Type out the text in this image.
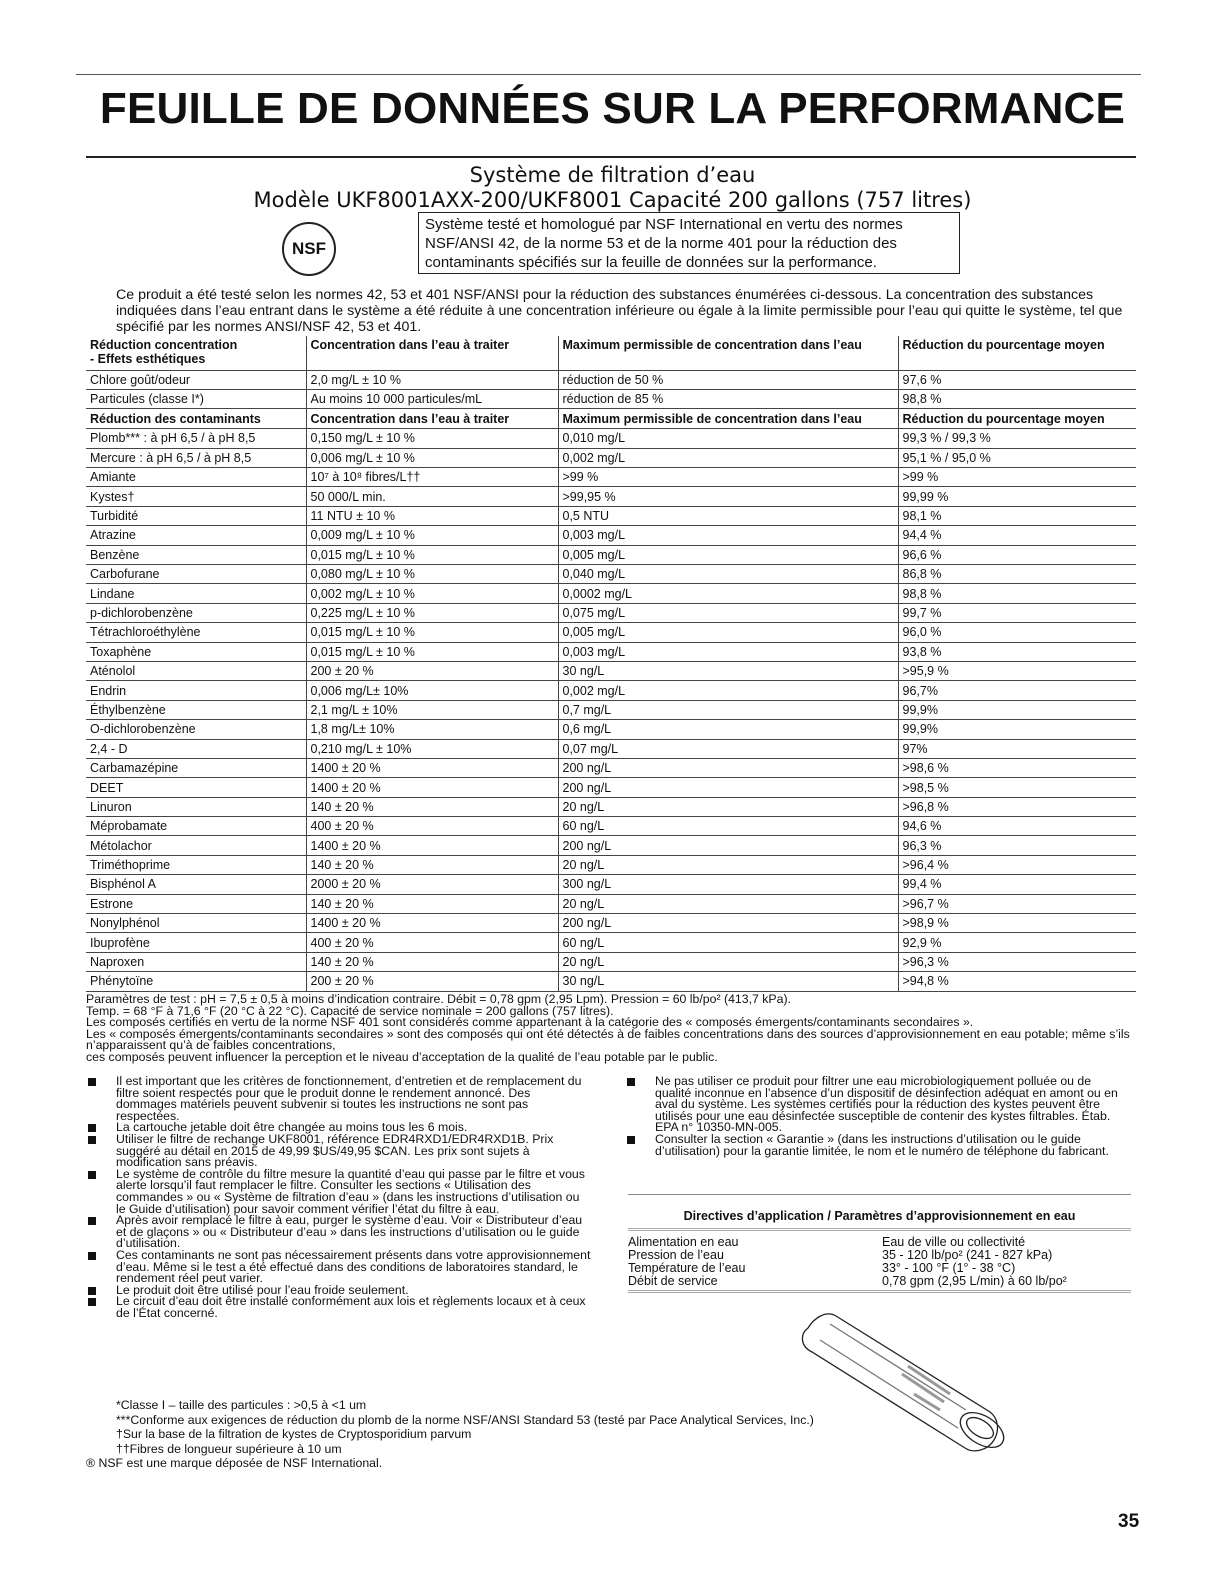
FEUILLE DE DONNÉES SUR LA PERFORMANCE
Système de filtration d’eau
Modèle UKF8001AXX-200/UKF8001 Capacité 200 gallons (757 litres)
NSF
Système testé et homologué par NSF International en vertu des normes NSF/ANSI 42, de la norme 53 et de la norme 401 pour la réduction des contaminants spécifiés sur la feuille de données sur la performance.

Ce produit a été testé selon les normes 42, 53 et 401 NSF/ANSI pour la réduction des substances énumérées ci-dessous. La concentration des substances indiquées dans l’eau entrant dans le système a été réduite à une concentration inférieure ou égale à la limite permissible pour l’eau qui quitte le système, tel que spécifié par les normes ANSI/NSF 42, 53 et 401.

Réduction concentration
- Effets esthétiques	Concentration dans l’eau à traiter	Maximum permissible de concentration dans l’eau	Réduction du pourcentage moyen
Chlore goût/odeur	2,0 mg/L ± 10 %	réduction de 50 %	97,6 %
Particules (classe I*)	Au moins 10 000 particules/mL	réduction de 85 %	98,8 %
Réduction des contaminants	Concentration dans l’eau à traiter	Maximum permissible de concentration dans l’eau	Réduction du pourcentage moyen
Plomb*** : à pH 6,5 / à pH 8,5	0,150 mg/L ± 10 %	0,010 mg/L	99,3 % / 99,3 %
Mercure : à pH 6,5 / à pH 8,5	0,006 mg/L ± 10 %	0,002 mg/L	95,1 % / 95,0 %
Amiante	10⁷ à 10⁸ fibres/L††	>99 %	>99 %
Kystes†	50 000/L min.	>99,95 %	99,99 %
Turbidité	11 NTU ± 10 %	0,5 NTU	98,1 %
Atrazine	0,009 mg/L ± 10 %	0,003 mg/L	94,4 %
Benzène	0,015 mg/L ± 10 %	0,005 mg/L	96,6 %
Carbofurane	0,080 mg/L ± 10 %	0,040 mg/L	86,8 %
Lindane	0,002 mg/L ± 10 %	0,0002 mg/L	98,8 %
p-dichlorobenzène	0,225 mg/L ± 10 %	0,075 mg/L	99,7 %
Tétrachloroéthylène	0,015 mg/L ± 10 %	0,005 mg/L	96,0 %
Toxaphène	0,015 mg/L ± 10 %	0,003 mg/L	93,8 %
Aténolol	200 ± 20 %	30 ng/L	>95,9 %
Endrin	0,006 mg/L± 10%	0,002 mg/L	96,7%
Éthylbenzène	2,1 mg/L ± 10%	0,7 mg/L	99,9%
O-dichlorobenzène	1,8 mg/L± 10%	0,6 mg/L	99,9%
2,4 - D	0,210 mg/L ± 10%	0,07 mg/L	97%
Carbamazépine	1400 ± 20 %	200 ng/L	>98,6 %
DEET	1400 ± 20 %	200 ng/L	>98,5 %
Linuron	140 ± 20 %	20 ng/L	>96,8 %
Méprobamate	400 ± 20 %	60 ng/L	94,6 %
Métolachor	1400 ± 20 %	200 ng/L	96,3 %
Triméthoprime	140 ± 20 %	20 ng/L	>96,4 %
Bisphénol A	2000 ± 20 %	300 ng/L	99,4 %
Estrone	140 ± 20 %	20 ng/L	>96,7 %
Nonylphénol	1400 ± 20 %	200 ng/L	>98,9 %
Ibuprofène	400 ± 20 %	60 ng/L	92,9 %
Naproxen	140 ± 20 %	20 ng/L	>96,3 %
Phénytoïne	200 ± 20 %	30 ng/L	>94,8 %
Paramètres de test : pH = 7,5 ± 0,5 à moins d’indication contraire. Débit = 0,78 gpm (2,95 Lpm). Pression = 60 lb/po² (413,7 kPa).
Temp. = 68 °F à 71,6 °F (20 °C à 22 °C). Capacité de service nominale = 200 gallons (757 litres).
Les composés certifiés en vertu de la norme NSF 401 sont considérés comme appartenant à la catégorie des « composés émergents/contaminants secondaires ».
Les « composés émergents/contaminants secondaires » sont des composés qui ont été détectés à de faibles concentrations dans des sources d’approvisionnement en eau potable; même s’ils n’apparaissent qu’à de faibles concentrations,
ces composés peuvent influencer la perception et le niveau d’acceptation de la qualité de l’eau potable par le public.
Il est important que les critères de fonctionnement, d’entretien et de remplacement du filtre soient respectés pour que le produit donne le rendement annoncé. Des dommages matériels peuvent subvenir si toutes les instructions ne sont pas respectées.
La cartouche jetable doit être changée au moins tous les 6 mois.
Utiliser le filtre de rechange UKF8001, référence EDR4RXD1/EDR4RXD1B. Prix suggéré au détail en 2015 de 49,99 $US/49,95 $CAN. Les prix sont sujets à modification sans préavis.
Le système de contrôle du filtre mesure la quantité d’eau qui passe par le filtre et vous alerte lorsqu’il faut remplacer le filtre. Consulter les sections « Utilisation des commandes » ou « Système de filtration d’eau » (dans les instructions d’utilisation ou le Guide d’utilisation) pour savoir comment vérifier l’état du filtre à eau.
Après avoir remplacé le filtre à eau, purger le système d’eau. Voir « Distributeur d’eau et de glaçons » ou « Distributeur d’eau » dans les instructions d’utilisation ou le guide d’utilisation.
Ces contaminants ne sont pas nécessairement présents dans votre approvisionnement d’eau. Même si le test a été effectué dans des conditions de laboratoires standard, le rendement réel peut varier.
Le produit doit être utilisé pour l’eau froide seulement.
Le circuit d’eau doit être installé conformément aux lois et règlements locaux et à ceux de l’État concerné.
Ne pas utiliser ce produit pour filtrer une eau microbiologiquement polluée ou de qualité inconnue en l’absence d’un dispositif de désinfection adéquat en amont ou en aval du système. Les systèmes certifiés pour la réduction des kystes peuvent être utilisés pour une eau désinfectée susceptible de contenir des kystes filtrables. Étab. EPA n° 10350-MN-005.
Consulter la section « Garantie » (dans les instructions d’utilisation ou le guide d’utilisation) pour la garantie limitée, le nom et le numéro de téléphone du fabricant.
Directives d’application / Paramètres d’approvisionnement en eau
Alimentation en eau	Eau de ville ou collectivité
Pression de l’eau	35 - 120 lb/po² (241 - 827 kPa)
Température de l’eau	33° - 100 °F (1° - 38 °C)
Débit de service	0,78 gpm (2,95 L/min) à 60 lb/po²
*Classe I – taille des particules : >0,5 à <1 um
***Conforme aux exigences de réduction du plomb de la norme NSF/ANSI Standard 53 (testé par Pace Analytical Services, Inc.)
†Sur la base de la filtration de kystes de Cryptosporidium parvum
††Fibres de longueur supérieure à 10 um
® NSF est une marque déposée de NSF International.
35
